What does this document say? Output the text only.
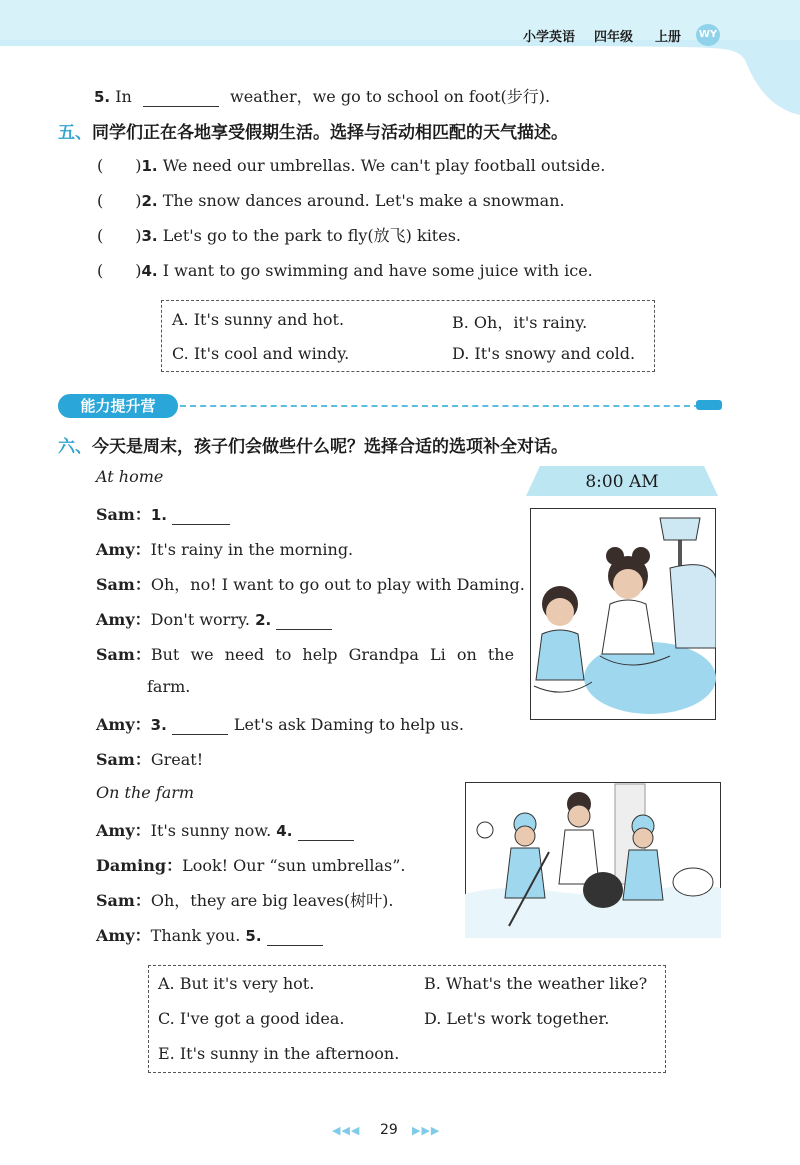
小学英语 四年级 上册 WY
5. In	weather，we go to school on foot(步行).
五、同学们正在各地享受假期生活。选择与活动相匹配的天气描述。
(　　)1. We need our umbrellas. We can't play football outside.
(　　)2. The snow dances around. Let's make a snowman.
(　　)3. Let's go to the park to fly(放飞) kites.
(　　)4. I want to go swimming and have some juice with ice.
A. It's sunny and hot.	B. Oh，it's rainy.
C. It's cool and windy.	D. It's snowy and cold.
能力提升营
六、今天是周末，孩子们会做些什么呢？选择合适的选项补全对话。
At home	8:00 AM
Sam：1.
Amy：It's rainy in the morning.
Sam：Oh，no! I want to go out to play with Daming.
Amy：Don't worry. 2.
Sam：But we need to help Grandpa Li on the
farm.
Amy：3.	Let's ask Daming to help us.
Sam：Great!
On the farm
Amy：It's sunny now. 4.
Daming：Look! Our “sun umbrellas”.
Sam：Oh，they are big leaves(树叶).
Amy：Thank you. 5.
A. But it's very hot.	B. What's the weather like?
C. I've got a good idea.	D. Let's work together.
E. It's sunny in the afternoon.
◀◀◀ 29 ▶▶▶
